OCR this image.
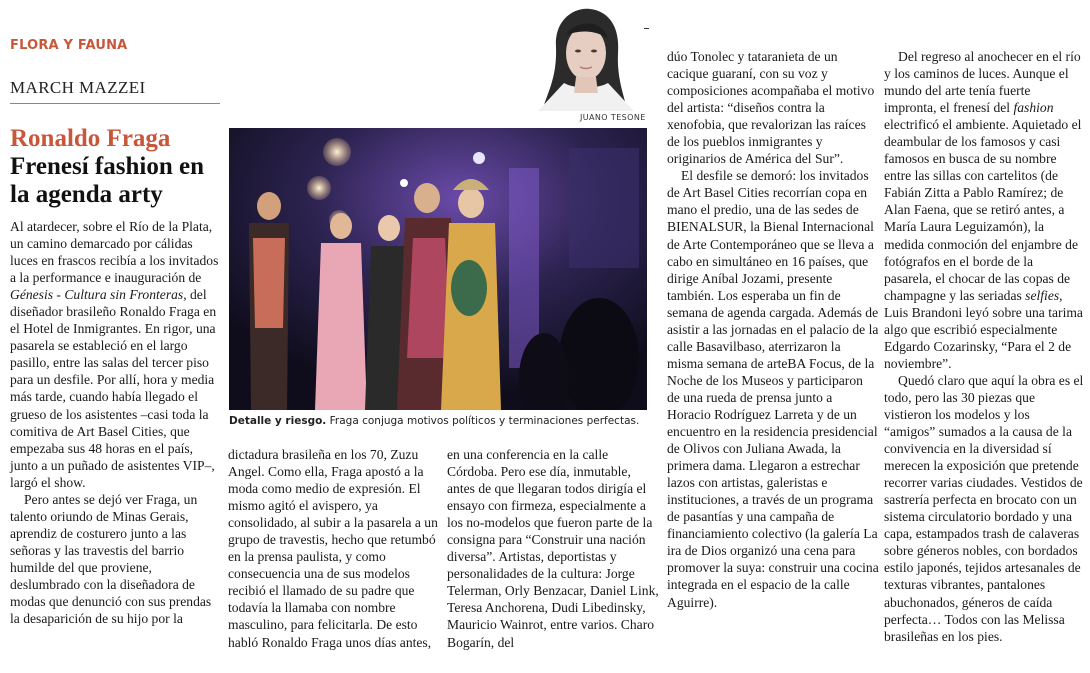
FLORA Y FAUNA
MARCH MAZZEI
Ronaldo Fraga
Frenesí fashion en la agenda arty
JUANO TESONE
Detalle y riesgo. Fraga conjuga motivos políticos y terminaciones perfectas.

Al atardecer, sobre el Río de la Plata, un camino demarcado por cálidas luces en frascos recibía a los invitados a la performance e inauguración de Génesis - Cultura sin Fronteras, del diseñador brasileño Ronaldo Fraga en el Hotel de Inmigrantes. En rigor, una pasarela se estableció en el largo pasillo, entre las salas del tercer piso para un desfile. Por allí, hora y media más tarde, cuando había llegado el grueso de los asistentes –casi toda la comitiva de Art Basel Cities, que empezaba sus 48 horas en el país, junto a un puñado de asistentes VIP–, largó el show.

Pero antes se dejó ver Fraga, un talento oriundo de Minas Gerais, aprendiz de costurero junto a las señoras y las travestis del barrio humilde del que proviene, deslumbrado con la diseñadora de modas que denunció con sus prendas la desaparición de su hijo por la

dictadura brasileña en los 70, Zuzu Angel. Como ella, Fraga apostó a la moda como medio de expresión. El mismo agitó el avispero, ya consolidado, al subir a la pasarela a un grupo de travestis, hecho que retumbó en la prensa paulista, y como consecuencia una de sus modelos recibió el llamado de su padre que todavía la llamaba con nombre masculino, para felicitarla. De esto habló Ronaldo Fraga unos días antes,

en una conferencia en la calle Córdoba. Pero ese día, inmutable, antes de que llegaran todos dirigía el ensayo con firmeza, especialmente a los no-modelos que fueron parte de la consigna para “Construir una nación diversa”. Artistas, deportistas y personalidades de la cultura: Jorge Telerman, Orly Benzacar, Daniel Link, Teresa Anchorena, Dudi Libedinsky, Mauricio Wainrot, entre varios. Charo Bogarín, del

dúo Tonolec y tataranieta de un cacique guaraní, con su voz y composiciones acompañaba el motivo del artista: “diseños contra la xenofobia, que revalorizan las raíces de los pueblos inmigrantes y originarios de América del Sur”.

El desfile se demoró: los invitados de Art Basel Cities recorrían copa en mano el predio, una de las sedes de BIENALSUR, la Bienal Internacional de Arte Contemporáneo que se lleva a cabo en simultáneo en 16 países, que dirige Aníbal Jozami, presente también. Los esperaba un fin de semana de agenda cargada. Además de asistir a las jornadas en el palacio de la calle Basavilbaso, aterrizaron la misma semana de arteBA Focus, de la Noche de los Museos y participaron de una rueda de prensa junto a Horacio Rodríguez Larreta y de un encuentro en la residencia presidencial de Olivos con Juliana Awada, la primera dama. Llegaron a estrechar lazos con artistas, galeristas e instituciones, a través de un programa de pasantías y una campaña de financiamiento colectivo (la galería La ira de Dios organizó una cena para promover la suya: construir una cocina integrada en el espacio de la calle Aguirre).

Del regreso al anochecer en el río y los caminos de luces. Aunque el mundo del arte tenía fuerte impronta, el frenesí del fashion electrificó el ambiente. Aquietado el deambular de los famosos y casi famosos en busca de su nombre entre las sillas con cartelitos (de Fabián Zitta a Pablo Ramírez; de Alan Faena, que se retiró antes, a María Laura Leguizamón), la medida conmoción del enjambre de fotógrafos en el borde de la pasarela, el chocar de las copas de champagne y las seriadas selfies, Luis Brandoni leyó sobre una tarima algo que escribió especialmente Edgardo Cozarinsky, “Para el 2 de noviembre”.

Quedó claro que aquí la obra es el todo, pero las 30 piezas que vistieron los modelos y los “amigos” sumados a la causa de la convivencia en la diversidad sí merecen la exposición que pretende recorrer varias ciudades. Vestidos de sastrería perfecta en brocato con un sistema circulatorio bordado y una capa, estampados trash de calaveras sobre géneros nobles, con bordados estilo japonés, tejidos artesanales de texturas vibrantes, pantalones abuchonados, géneros de caída perfecta… Todos con las Melissa brasileñas en los pies.
